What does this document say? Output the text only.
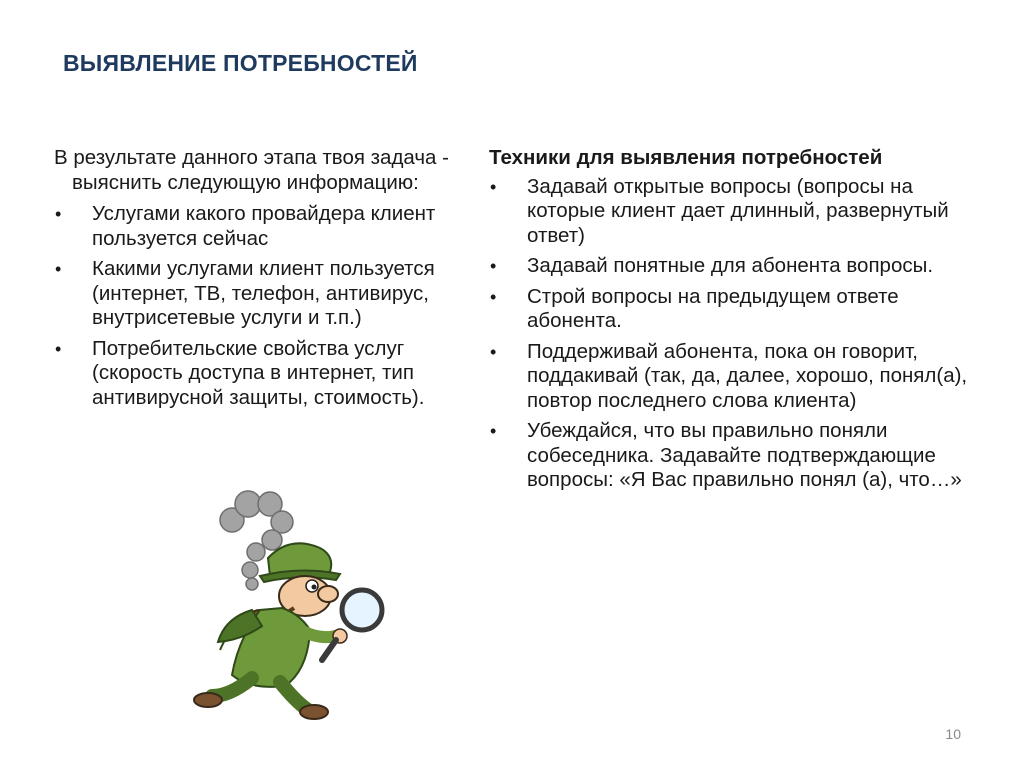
ВЫЯВЛЕНИЕ ПОТРЕБНОСТЕЙ

В результате данного этапа твоя задача - выяснить следующую информацию:

• Услугами какого провайдера клиент пользуется сейчас
• Какими услугами клиент пользуется (интернет, ТВ, телефон, антивирус, внутрисетевые услуги и т.п.)
• Потребительские свойства услуг (скорость доступа в интернет, тип антивирусной защиты, стоимость).
Техники для выявления потребностей
• Задавай открытые вопросы (вопросы на которые клиент дает длинный, развернутый ответ)
• Задавай понятные для абонента вопросы.
• Строй вопросы на предыдущем ответе абонента.
• Поддерживай абонента, пока он говорит, поддакивай (так, да, далее, хорошо, понял(а), повтор последнего слова клиента)
• Убеждайся, что вы правильно поняли собеседника. Задавайте подтверждающие вопросы: «Я Вас правильно понял (а), что…»
10
